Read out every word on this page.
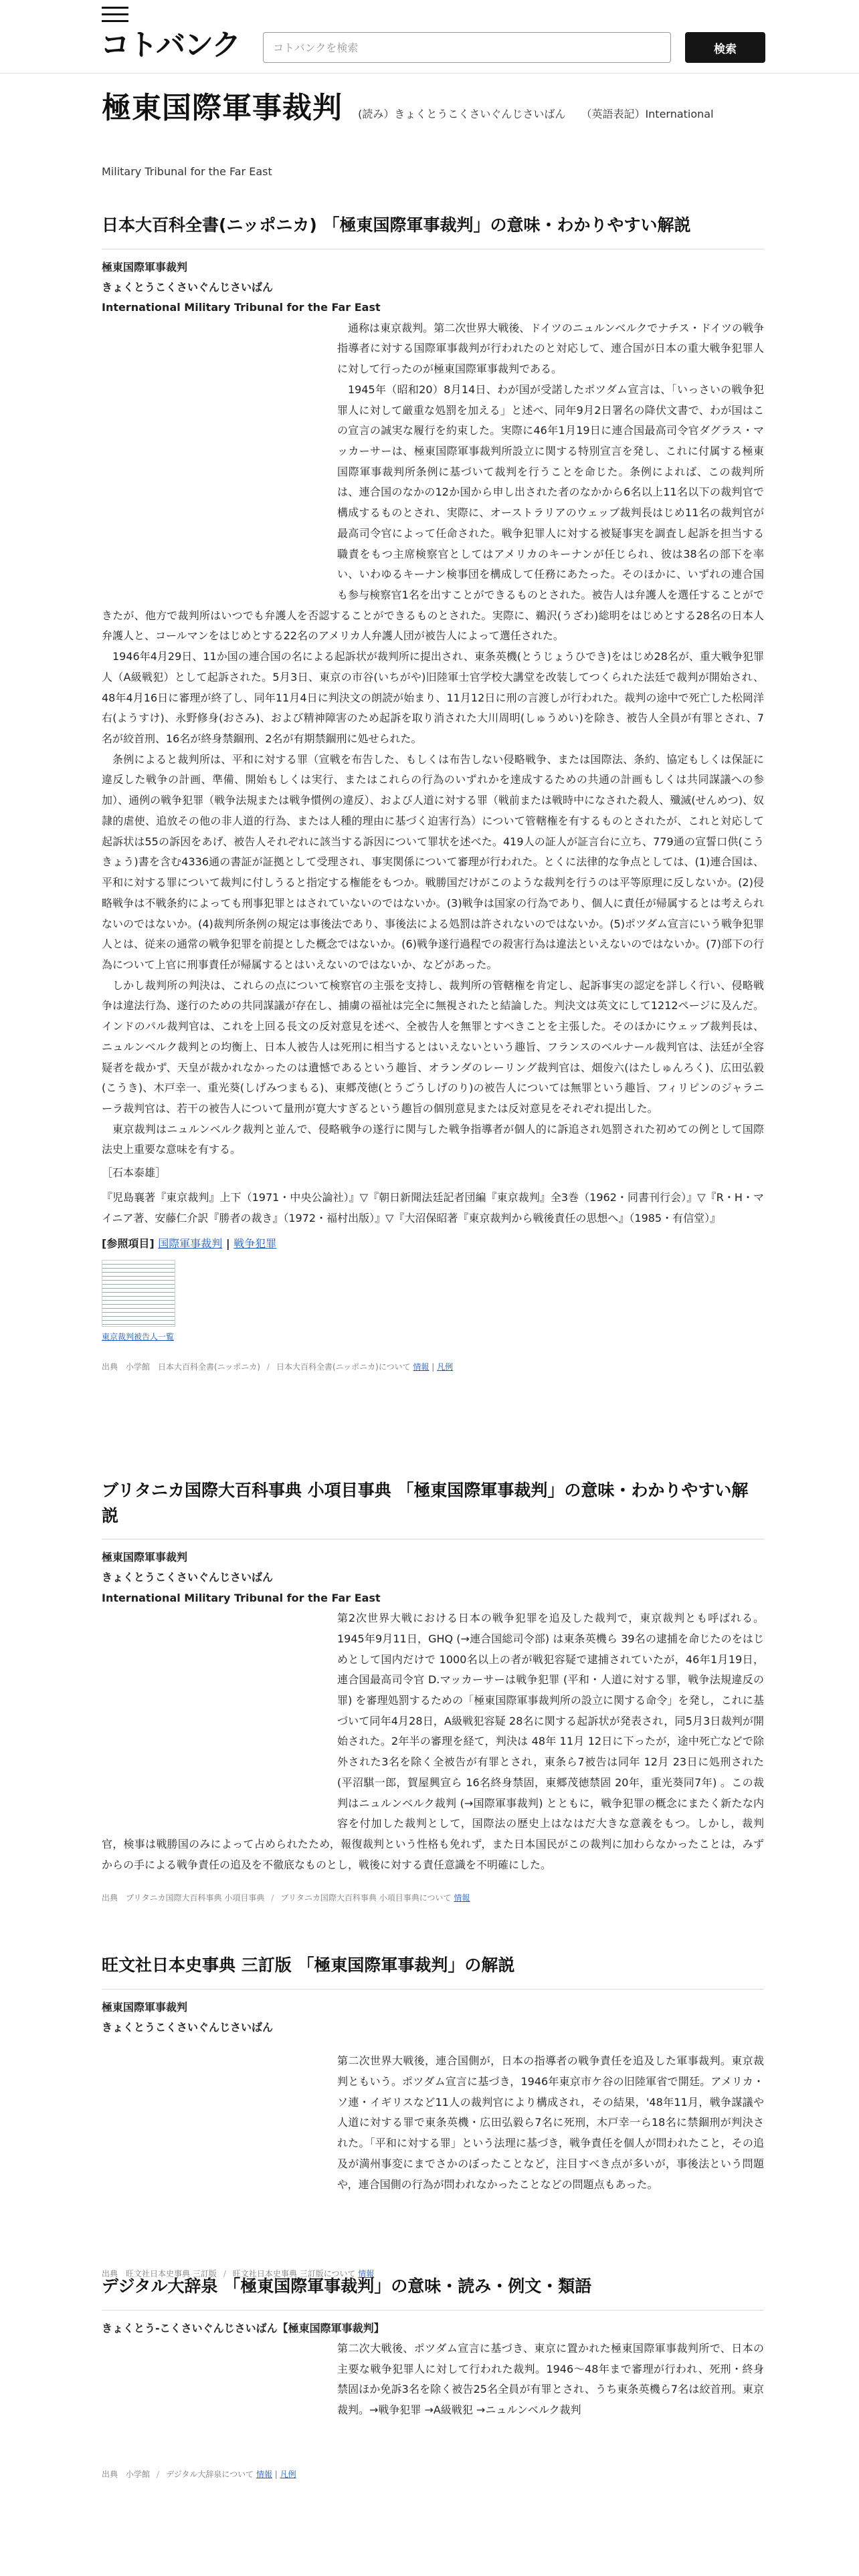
コトバンク
コトバンクを検索	検索
極東国際軍事裁判 (読み）きょくとうこくさいぐんじさいばん （英語表記）International
Military Tribunal for the Far East
日本大百科全書(ニッポニカ) 「極東国際軍事裁判」の意味・わかりやすい解説
極東国際軍事裁判
きょくとうこくさいぐんじさいばん
International Military Tribunal for the Far East

通称は東京裁判。第二次世界大戦後、ドイツのニュルンベルクでナチス・ドイツの戦争指導者に対する国際軍事裁判が行われたのと対応して、連合国が日本の重大戦争犯罪人に対して行ったのが極東国際軍事裁判である。

1945年（昭和20）8月14日、わが国が受諾したポツダム宣言は、「いっさいの戦争犯罪人に対して厳重な処罰を加える」と述べ、同年9月2日署名の降伏文書で、わが国はこの宣言の誠実な履行を約束した。実際に46年1月19日に連合国最高司令官ダグラス・マッカーサーは、極東国際軍事裁判所設立に関する特別宣言を発し、これに付属する極東国際軍事裁判所条例に基づいて裁判を行うことを命じた。条例によれば、この裁判所は、連合国のなかの12か国から申し出された者のなかから6名以上11名以下の裁判官で構成するものとされ、実際に、オーストラリアのウェッブ裁判長はじめ11名の裁判官が最高司令官によって任命された。戦争犯罪人に対する被疑事実を調査し起訴を担当する職責をもつ主席検察官としてはアメリカのキーナンが任じられ、彼は38名の部下を率い、いわゆるキーナン検事団を構成して任務にあたった。そのほかに、いずれの連合国も参与検察官1名を出すことができるものとされた。被告人は弁護人を選任することができたが、他方で裁判所はいつでも弁護人を否認することができるものとされた。実際に、鵜沢(うざわ)総明をはじめとする28名の日本人弁護人と、コールマンをはじめとする22名のアメリカ人弁護人団が被告人によって選任された。

1946年4月29日、11か国の連合国の名による起訴状が裁判所に提出され、東条英機(とうじょうひでき)をはじめ28名が、重大戦争犯罪人（A級戦犯）として起訴された。5月3日、東京の市谷(いちがや)旧陸軍士官学校大講堂を改装してつくられた法廷で裁判が開始され、48年4月16日に審理が終了し、同年11月4日に判決文の朗読が始まり、11月12日に刑の言渡しが行われた。裁判の途中で死亡した松岡洋右(ようすけ)、永野修身(おさみ)、および精神障害のため起訴を取り消された大川周明(しゅうめい)を除き、被告人全員が有罪とされ、7名が絞首刑、16名が終身禁錮刑、2名が有期禁錮刑に処せられた。

条例によると裁判所は、平和に対する罪（宣戦を布告した、もしくは布告しない侵略戦争、または国際法、条約、協定もしくは保証に違反した戦争の計画、準備、開始もしくは実行、またはこれらの行為のいずれかを達成するための共通の計画もしくは共同謀議への参加）、通例の戦争犯罪（戦争法規または戦争慣例の違反）、および人道に対する罪（戦前または戦時中になされた殺人、殲滅(せんめつ)、奴隷的虐使、追放その他の非人道的行為、または人種的理由に基づく迫害行為）について管轄権を有するものとされたが、これと対応して起訴状は55の訴因をあげ、被告人それぞれに該当する訴因について罪状を述べた。419人の証人が証言台に立ち、779通の宣誓口供(こうきょう)書を含む4336通の書証が証拠として受理され、事実関係について審理が行われた。とくに法律的な争点としては、(1)連合国は、平和に対する罪について裁判に付しうると指定する権能をもつか。戦勝国だけがこのような裁判を行うのは平等原理に反しないか。(2)侵略戦争は不戦条約によっても刑事犯罪とはされていないのではないか。(3)戦争は国家の行為であり、個人に責任が帰属するとは考えられないのではないか。(4)裁判所条例の規定は事後法であり、事後法による処罰は許されないのではないか。(5)ポツダム宣言にいう戦争犯罪人とは、従来の通常の戦争犯罪を前提とした概念ではないか。(6)戦争遂行過程での殺害行為は違法といえないのではないか。(7)部下の行為について上官に刑事責任が帰属するとはいえないのではないか、などがあった。

しかし裁判所の判決は、これらの点について検察官の主張を支持し、裁判所の管轄権を肯定し、起訴事実の認定を詳しく行い、侵略戦争は違法行為、遂行のための共同謀議が存在し、捕虜の福祉は完全に無視されたと結論した。判決文は英文にして1212ページに及んだ。インドのパル裁判官は、これを上回る長文の反対意見を述べ、全被告人を無罪とすべきことを主張した。そのほかにウェッブ裁判長は、ニュルンベルク裁判との均衡上、日本人被告人は死刑に相当するとはいえないという趣旨、フランスのベルナール裁判官は、法廷が全容疑者を裁かず、天皇が裁かれなかったのは遺憾であるという趣旨、オランダのレーリング裁判官は、畑俊六(はたしゅんろく)、広田弘毅(こうき)、木戸幸一、重光葵(しげみつまもる)、東郷茂徳(とうごうしげのり)の被告人については無罪という趣旨、フィリピンのジャラニーラ裁判官は、若干の被告人について量刑が寛大すぎるという趣旨の個別意見または反対意見をそれぞれ提出した。

東京裁判はニュルンベルク裁判と並んで、侵略戦争の遂行に関与した戦争指導者が個人的に訴追され処罰された初めての例として国際法史上重要な意味を有する。

［石本泰雄］

『児島襄著『東京裁判』上下（1971・中央公論社）』▽『朝日新聞法廷記者団編『東京裁判』全3巻（1962・同書刊行会）』▽『R・H・マイニア著、安藤仁介訳『勝者の裁き』（1972・福村出版）』▽『大沼保昭著『東京裁判から戦後責任の思想へ』（1985・有信堂）』

[参照項目] 国際軍事裁判 | 戦争犯罪

東京裁判被告人一覧
出典　小学館　日本大百科全書(ニッポニカ) / 日本大百科全書(ニッポニカ)について 情報 | 凡例
ブリタニカ国際大百科事典 小項目事典 「極東国際軍事裁判」の意味・わかりやすい解説
極東国際軍事裁判
きょくとうこくさいぐんじさいばん
International Military Tribunal for the Far East

第2次世界大戦における日本の戦争犯罪を追及した裁判で，東京裁判とも呼ばれる。 1945年9月11日，GHQ (→連合国総司令部) は東条英機ら 39名の逮捕を命じたのをはじめとして国内だけで 1000名以上の者が戦犯容疑で逮捕されていたが，46年1月19日，連合国最高司令官 D.マッカーサーは戦争犯罪 (平和・人道に対する罪，戦争法規違反の罪) を審理処罰するための「極東国際軍事裁判所の設立に関する命令」を発し，これに基づいて同年4月28日，A級戦犯容疑 28名に関する起訴状が発表され，同5月3日裁判が開始された。2年半の審理を経て，判決は 48年 11月 12日に下ったが，途中死亡などで除外された3名を除く全被告が有罪とされ，東条ら7被告は同年 12月 23日に処刑された (平沼騏一郎，賀屋興宣ら 16名終身禁固，東郷茂徳禁固 20年，重光葵同7年) 。この裁判はニュルンベルク裁判 (→国際軍事裁判) とともに，戦争犯罪の概念にまたく新たな内容を付加した裁判として，国際法の歴史上はなはだ大きな意義をもつ。しかし，裁判官，検事は戦勝国のみによって占められたため，報復裁判という性格も免れず，また日本国民がこの裁判に加わらなかったことは，みずからの手による戦争責任の追及を不徹底なものとし，戦後に対する責任意識を不明確にした。

出典　ブリタニカ国際大百科事典 小項目事典 / ブリタニカ国際大百科事典 小項目事典について 情報
旺文社日本史事典 三訂版 「極東国際軍事裁判」の解説
極東国際軍事裁判
きょくとうこくさいぐんじさいばん

第二次世界大戦後，連合国側が，日本の指導者の戦争責任を追及した軍事裁判。東京裁判ともいう。ポツダム宣言に基づき，1946年東京市ケ谷の旧陸軍省で開廷。アメリカ・ソ連・イギリスなど11人の裁判官により構成され，その結果，'48年11月，戦争謀議や人道に対する罪で東条英機・広田弘毅ら7名に死刑，木戸幸一ら18名に禁錮刑が判決された。「平和に対する罪」という法理に基づき，戦争責任を個人が問われたこと，その追及が満州事変にまでさかのぼったことなど，注目すべき点が多いが，事後法という問題や，連合国側の行為が問われなかったことなどの問題点もあった。

出典　旺文社日本史事典 三訂版 / 旺文社日本史事典 三訂版について 情報
デジタル大辞泉 「極東国際軍事裁判」の意味・読み・例文・類語
きょくとう‐こくさいぐんじさいばん【極東国際軍事裁判】

第二次大戦後、ポツダム宣言に基づき、東京に置かれた極東国際軍事裁判所で、日本の主要な戦争犯罪人に対して行われた裁判。1946〜48年まで審理が行われ、死刑・終身禁固ほか免訴3名を除く被告25名全員が有罪とされ、うち東条英機ら7名は絞首刑。東京裁判。→戦争犯罪 →A級戦犯 →ニュルンベルク裁判

出典　小学館 / デジタル大辞泉について 情報 | 凡例
